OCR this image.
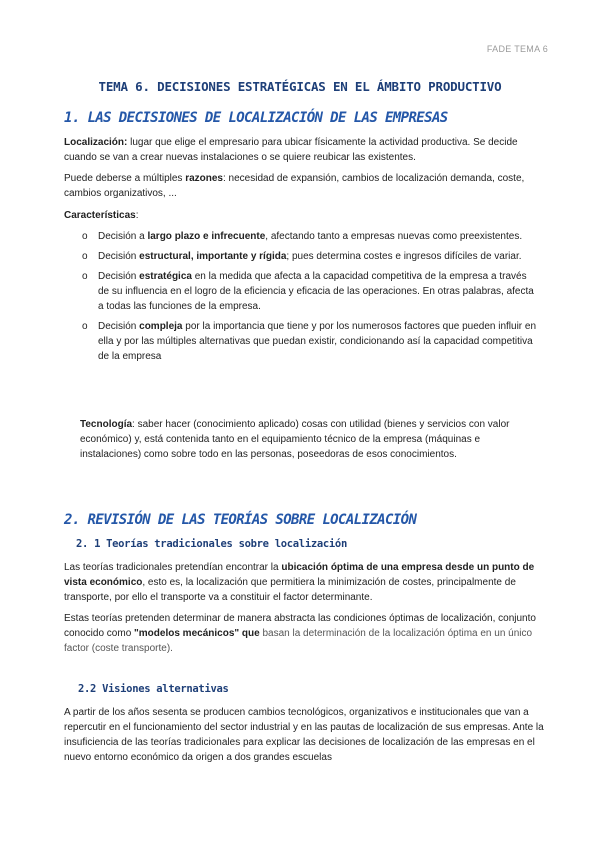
FADE TEMA 6
TEMA 6. DECISIONES ESTRATÉGICAS EN EL ÁMBITO PRODUCTIVO
1. LAS DECISIONES DE LOCALIZACIÓN DE LAS EMPRESAS
Localización: lugar que elige el empresario para ubicar físicamente la actividad productiva. Se decide cuando se van a crear nuevas instalaciones o se quiere reubicar las existentes.
Puede deberse a múltiples razones: necesidad de expansión, cambios de localización demanda, coste, cambios organizativos, ...
Características:
o Decisión a largo plazo e infrecuente, afectando tanto a empresas nuevas como preexistentes.
o Decisión estructural, importante y rígida; pues determina costes e ingresos difíciles de variar.
o Decisión estratégica en la medida que afecta a la capacidad competitiva de la empresa a través de su influencia en el logro de la eficiencia y eficacia de las operaciones. En otras palabras, afecta a todas las funciones de la empresa.
o Decisión compleja por la importancia que tiene y por los numerosos factores que pueden influir en ella y por las múltiples alternativas que puedan existir, condicionando así la capacidad competitiva de la empresa
Tecnología: saber hacer (conocimiento aplicado) cosas con utilidad (bienes y servicios con valor económico) y, está contenida tanto en el equipamiento técnico de la empresa (máquinas e instalaciones) como sobre todo en las personas, poseedoras de esos conocimientos.
2. REVISIÓN DE LAS TEORÍAS SOBRE LOCALIZACIÓN
2. 1 Teorías tradicionales sobre localización
Las teorías tradicionales pretendían encontrar la ubicación óptima de una empresa desde un punto de vista económico, esto es, la localización que permitiera la minimización de costes, principalmente de transporte, por ello el transporte va a constituir el factor determinante.
Estas teorías pretenden determinar de manera abstracta las condiciones óptimas de localización, conjunto conocido como "modelos mecánicos" que basan la determinación de la localización óptima en un único factor (coste transporte).
2.2 Visiones alternativas
A partir de los años sesenta se producen cambios tecnológicos, organizativos e institucionales que van a repercutir en el funcionamiento del sector industrial y en las pautas de localización de sus empresas. Ante la insuficiencia de las teorías tradicionales para explicar las decisiones de localización de las empresas en el nuevo entorno económico da origen a dos grandes escuelas
